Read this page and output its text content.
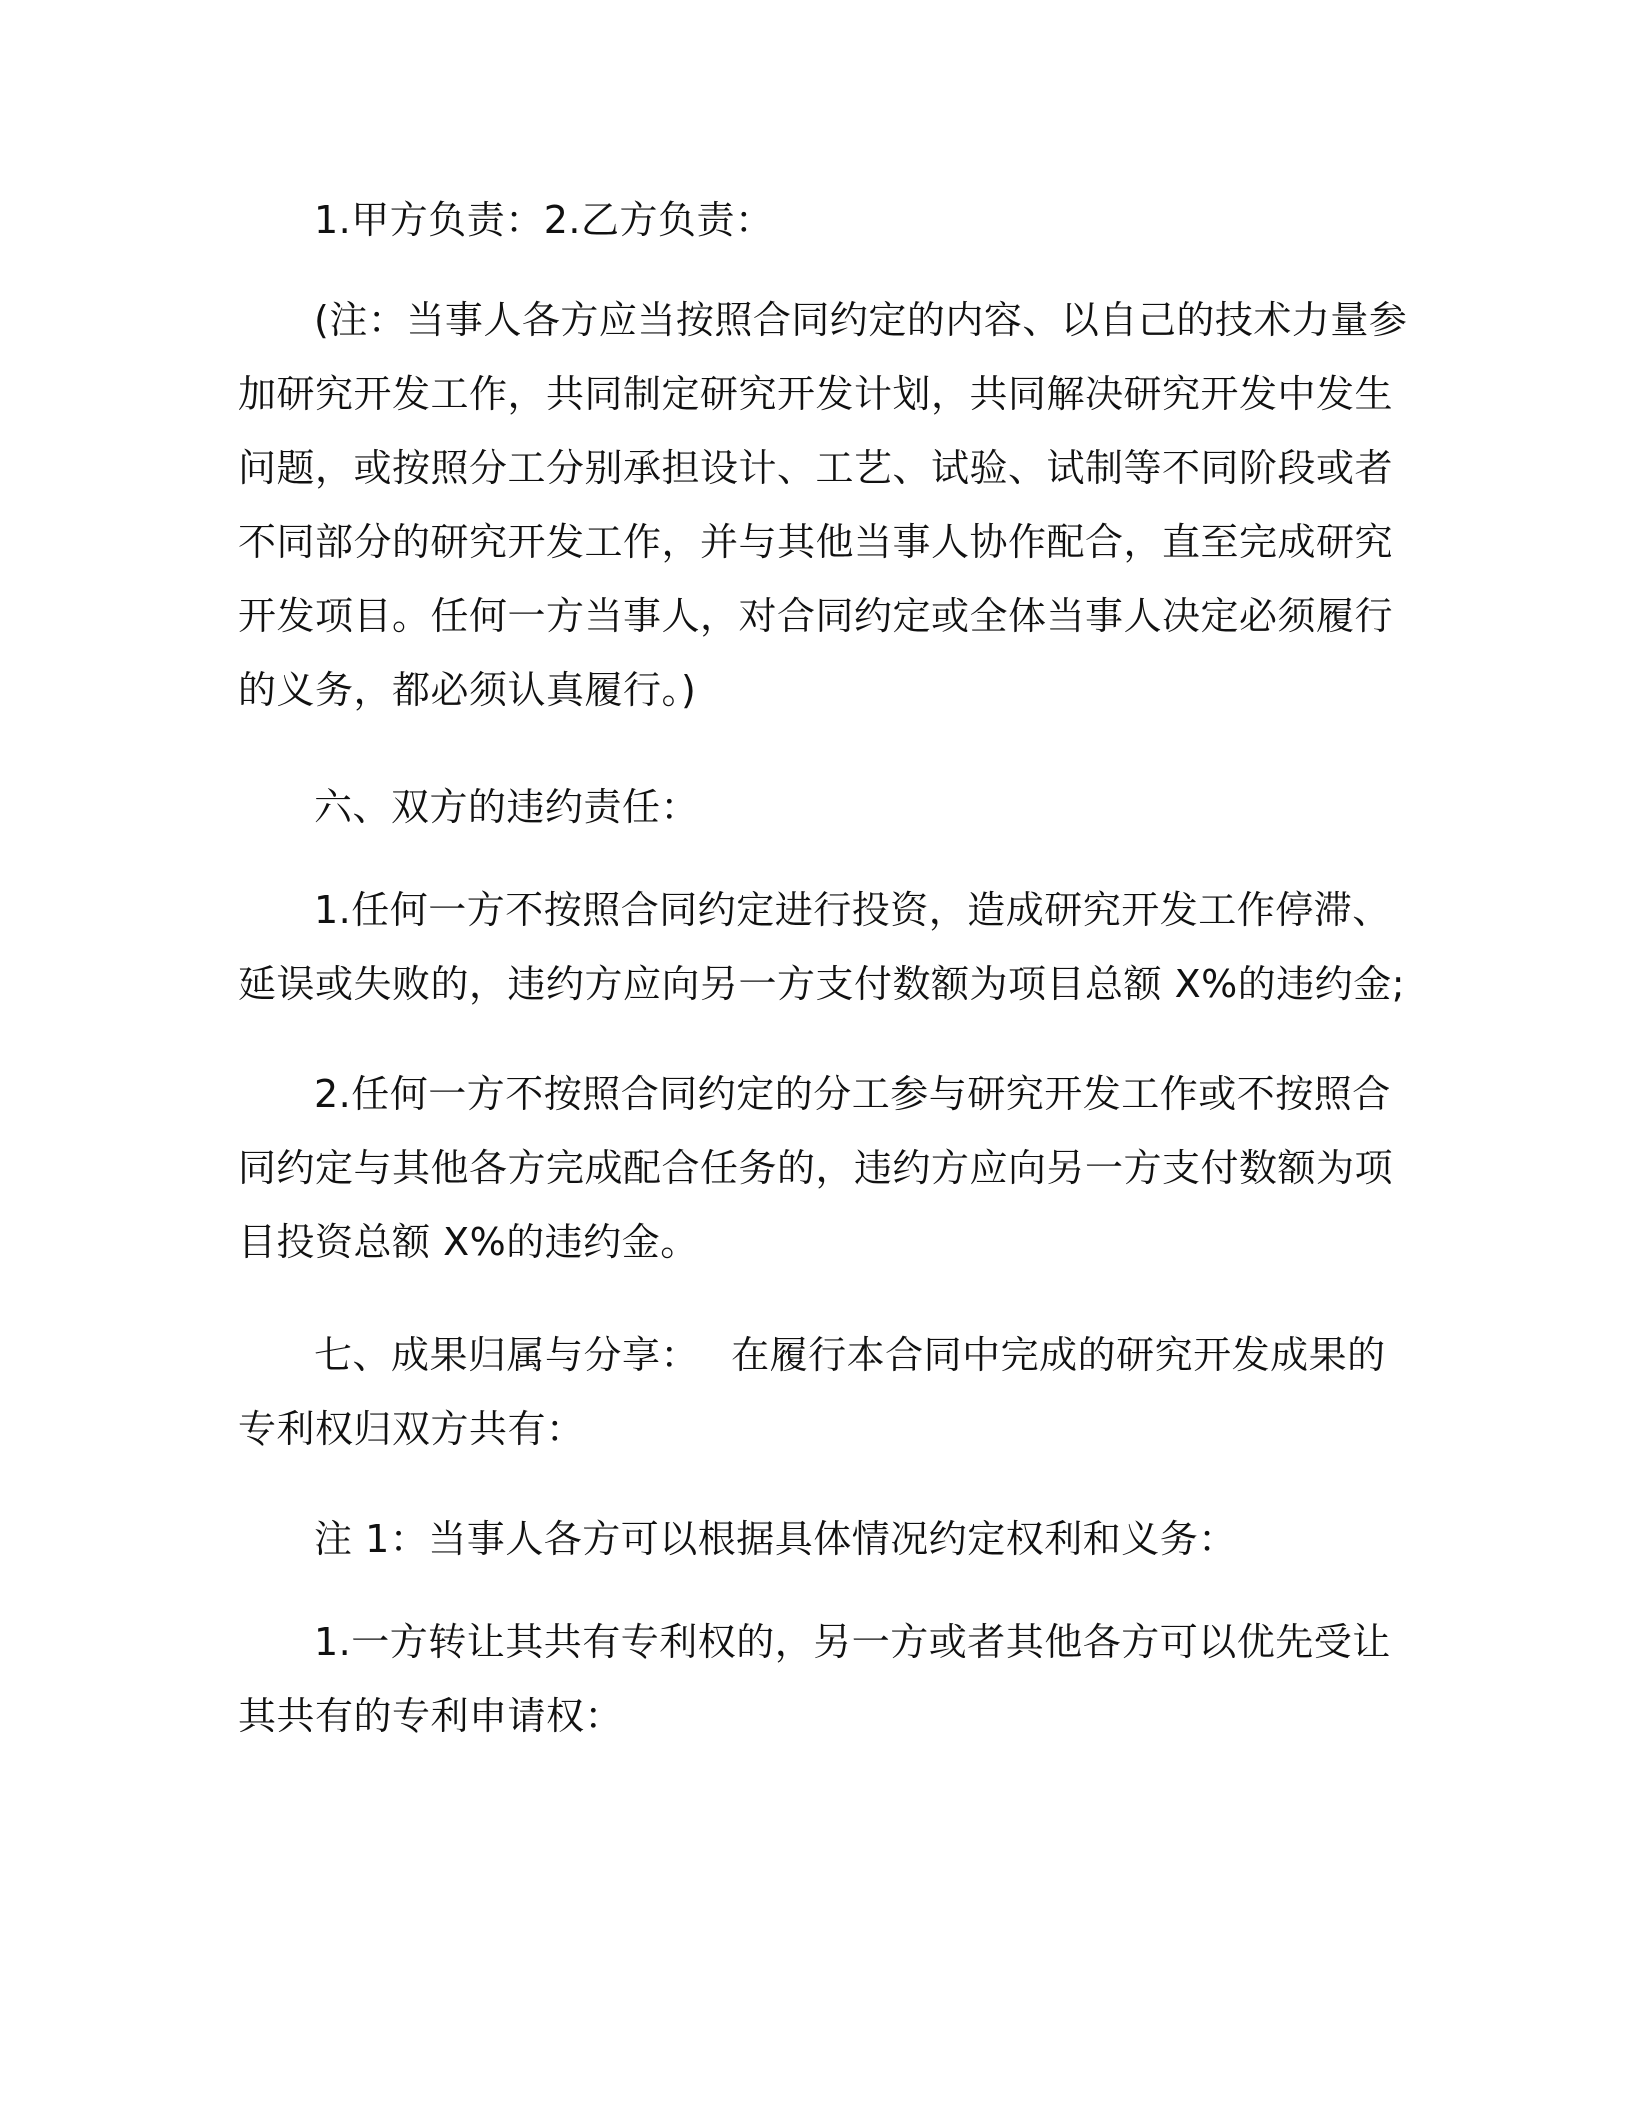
1.甲方负责：2.乙方负责：
(注：当事人各方应当按照合同约定的内容、以自己的技术力量参
加研究开发工作，共同制定研究开发计划，共同解决研究开发中发生
问题，或按照分工分别承担设计、工艺、试验、试制等不同阶段或者
不同部分的研究开发工作，并与其他当事人协作配合，直至完成研究
开发项目。任何一方当事人，对合同约定或全体当事人决定必须履行
的义务，都必须认真履行。)
六、双方的违约责任：
1.任何一方不按照合同约定进行投资，造成研究开发工作停滞、
延误或失败的，违约方应向另一方支付数额为项目总额 X%的违约金;
2.任何一方不按照合同约定的分工参与研究开发工作或不按照合
同约定与其他各方完成配合任务的，违约方应向另一方支付数额为项
目投资总额 X%的违约金。
七、成果归属与分享：　 在履行本合同中完成的研究开发成果的
专利权归双方共有：
注 1：当事人各方可以根据具体情况约定权利和义务：
1.一方转让其共有专利权的，另一方或者其他各方可以优先受让
其共有的专利申请权：
